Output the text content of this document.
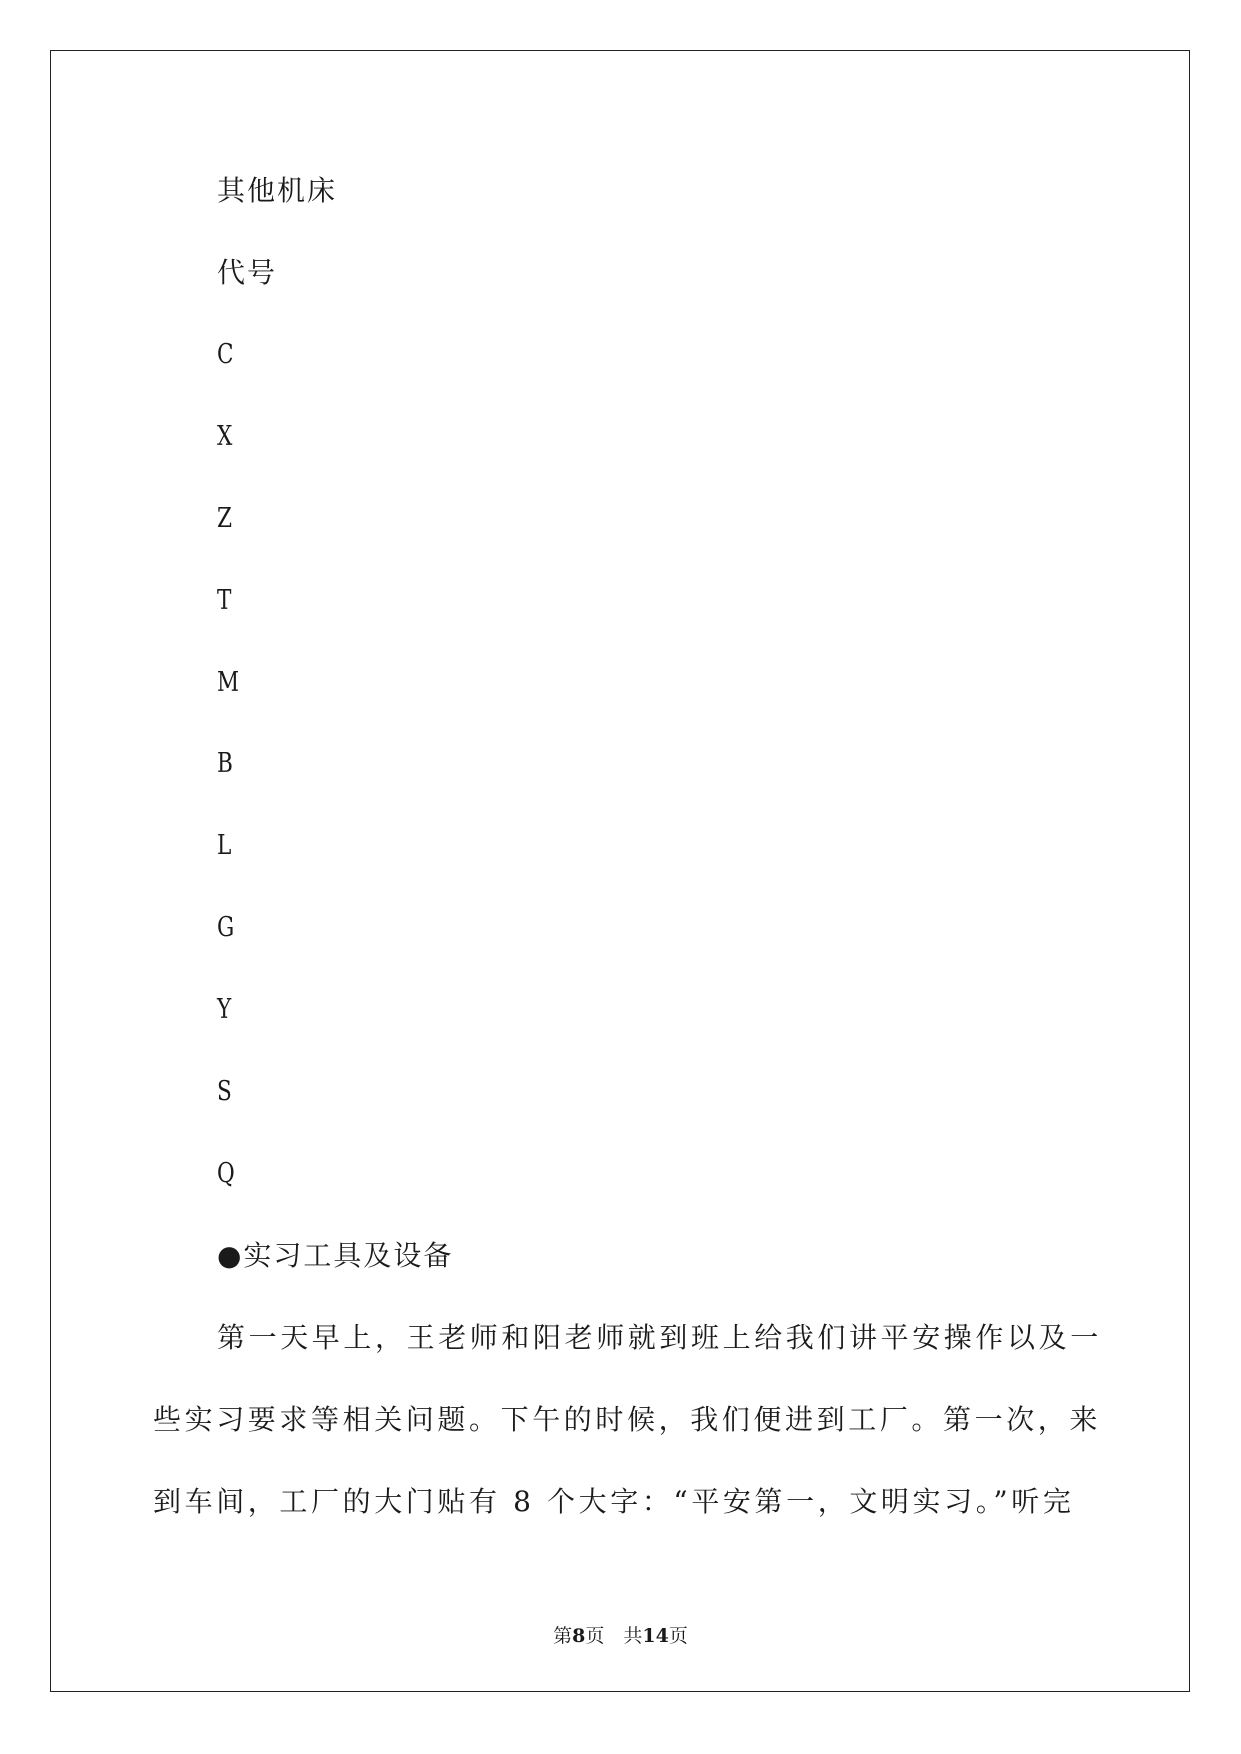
其他机床
代号
C
X
Z
T
M
B
L
G
Y
S
Q
●实习工具及设备
第一天早上，王老师和阳老师就到班上给我们讲平安操作以及一
些实习要求等相关问题。下午的时候，我们便进到工厂。第一次，来
到车间，工厂的大门贴有 8 个大字：“平安第一，文明实习。”听完
第8页　共14页
